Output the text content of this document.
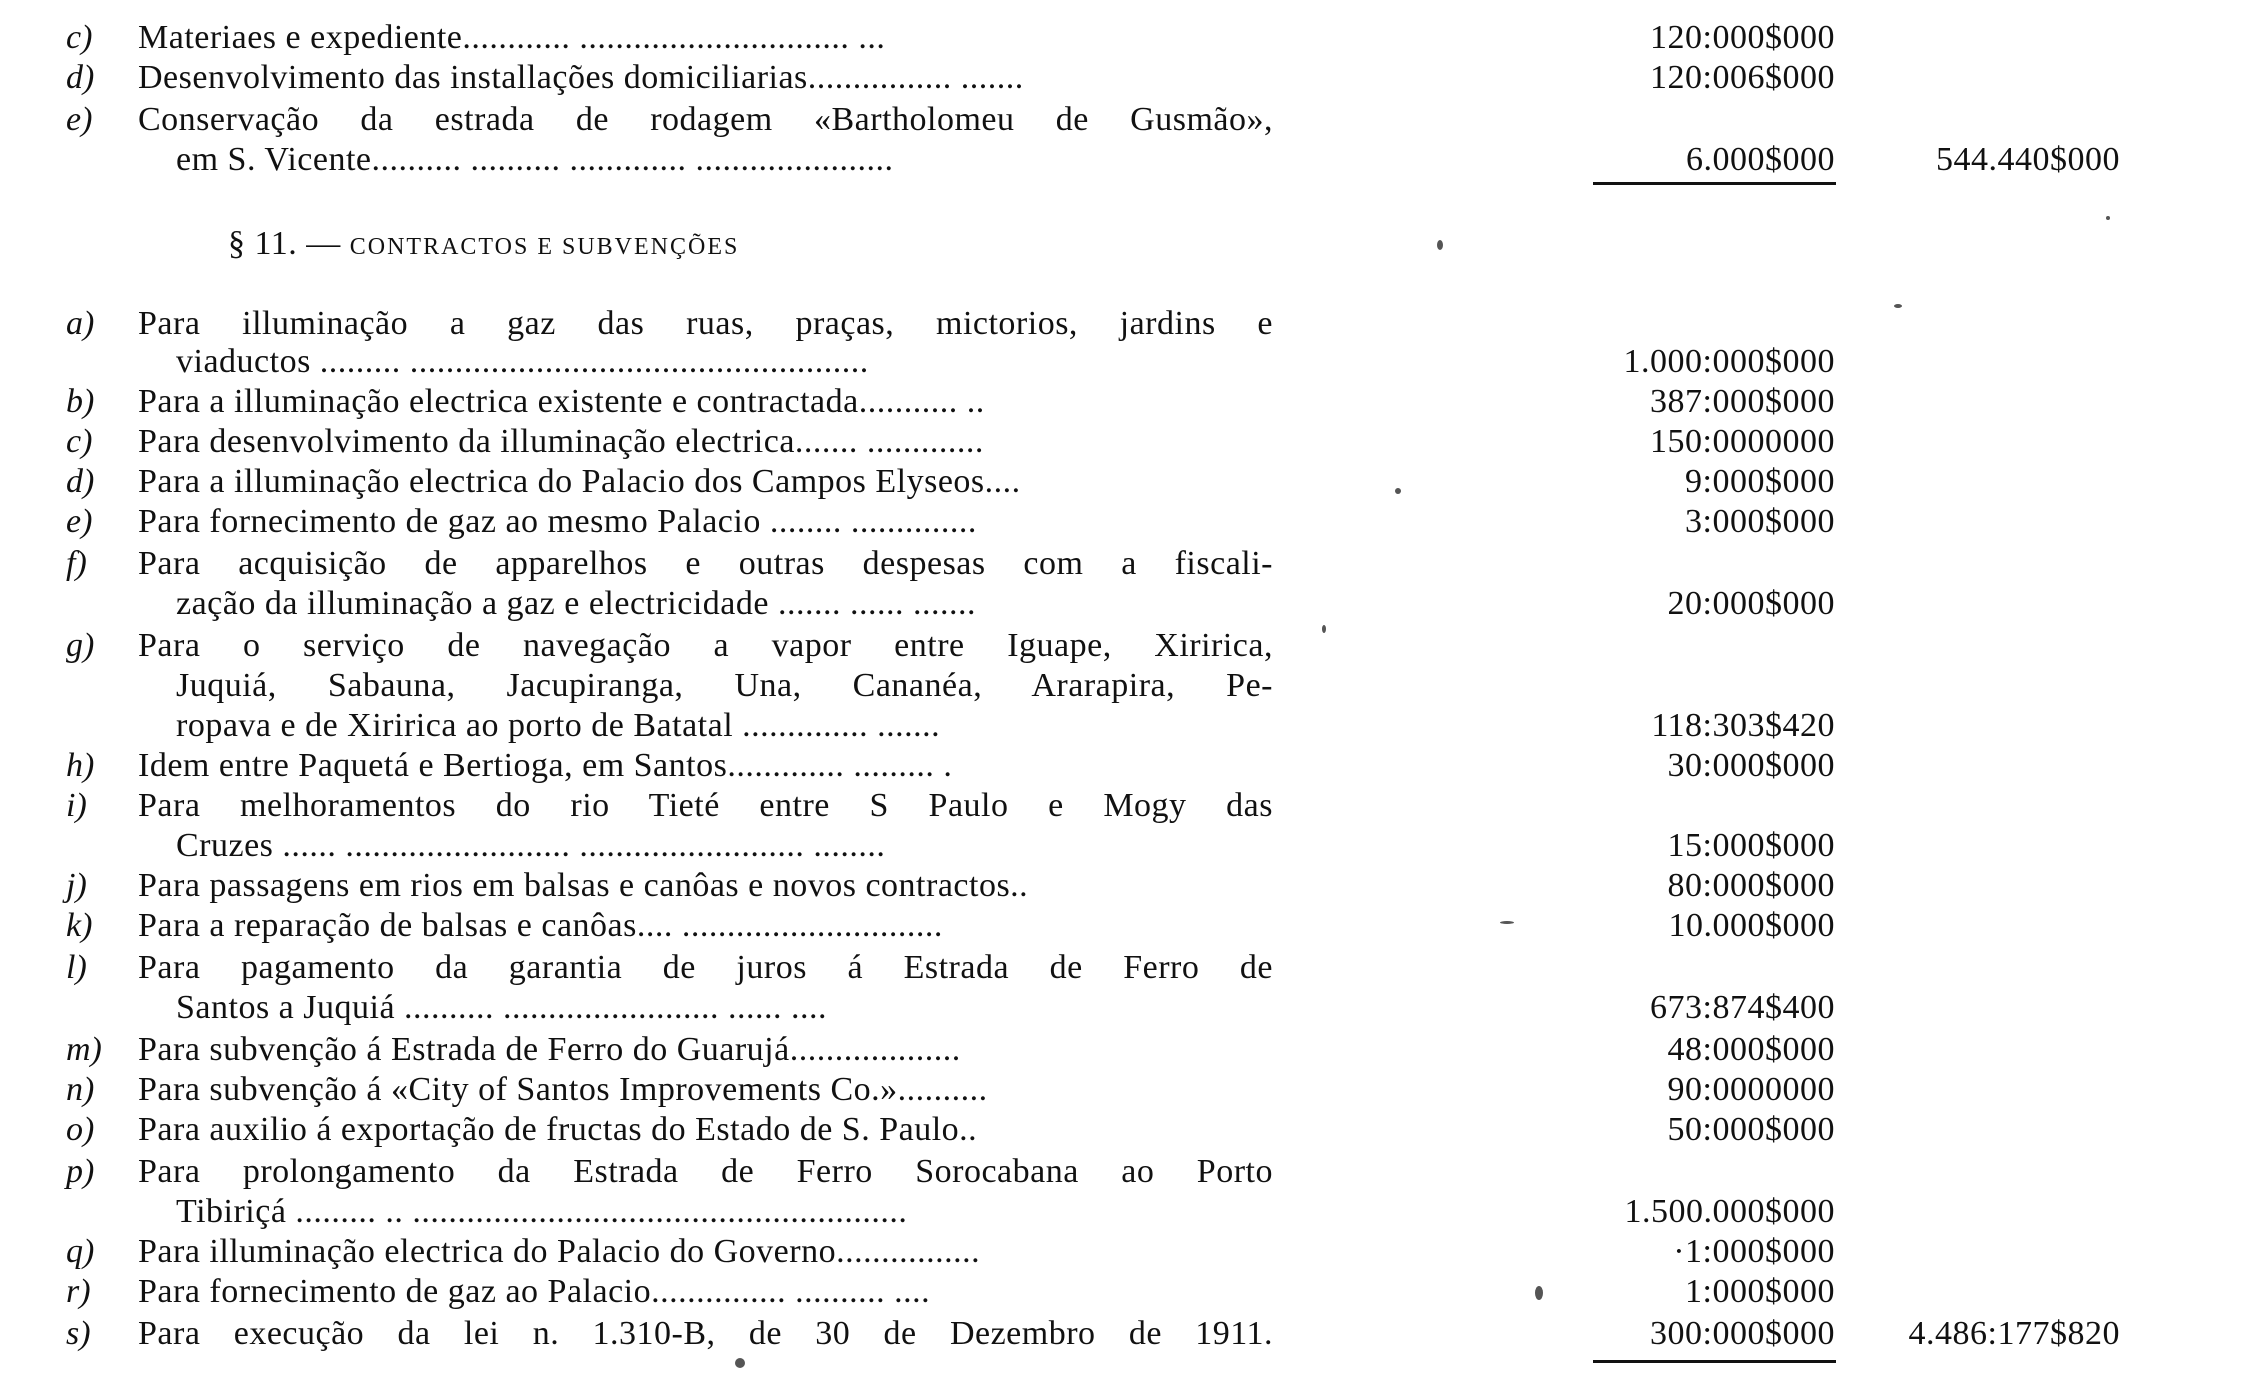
c)	Materiaes e expediente............ .............................. ...	120:000$000
d)	Desenvolvimento das installações domiciliarias................ .......	120:006$000
e)	Conservação da estrada de rodagem «Bartholomeu de Gusmão»,
em S. Vicente.......... .......... ............. ......................	6.000$000	544.440$000
§ 11. — CONTRACTOS E SUBVENÇÕES
a)	Para illuminação a gaz das ruas, praças, mictorios, jardins e
viaductos ......... ...................................................	1.000:000$000
b)	Para a illuminação electrica existente e contractada........... ..	387:000$000
c)	Para desenvolvimento da illuminação electrica....... .............	150:0000000
d)	Para a illuminação electrica do Palacio dos Campos Elyseos....	9:000$000
e)	Para fornecimento de gaz ao mesmo Palacio ........ ..............	3:000$000
f)	Para acquisição de apparelhos e outras despesas com a fiscali-
zação da illuminação a gaz e electricidade ....... ...... .......	20:000$000
g)	Para o serviço de navegação a vapor entre Iguape, Xiririca,
Juquiá, Sabauna, Jacupiranga, Una, Cananéa, Ararapira, Pe-
ropava e de Xiririca ao porto de Batatal .............. .......	118:303$420
h)	Idem entre Paquetá e Bertioga, em Santos............. ......... .	30:000$000
i)	Para melhoramentos do rio Tieté entre S Paulo e Mogy das
Cruzes ...... ......................... ......................... ........	15:000$000
j)	Para passagens em rios em balsas e canôas e novos contractos..	80:000$000
k)	Para a reparação de balsas e canôas.... .............................	10.000$000
l)	Para pagamento da garantia de juros á Estrada de Ferro de
Santos a Juquiá .......... ........................ ...... ....	673:874$400
m)	Para subvenção á Estrada de Ferro do Guarujá...................	48:000$000
n)	Para subvenção á «City of Santos Improvements Co.»..........	90:0000000
o)	Para auxilio á exportação de fructas do Estado de S. Paulo..	50:000$000
p)	Para prolongamento da Estrada de Ferro Sorocabana ao Porto
Tibiriçá ......... .. .......................................................	1.500.000$000
q)	Para illuminação electrica do Palacio do Governo................	·1:000$000
r)	Para fornecimento de gaz ao Palacio............... .......... ....	1:000$000
s)	Para execução da lei n. 1.310-B, de 30 de Dezembro de 1911.	300:000$000	4.486:177$820
